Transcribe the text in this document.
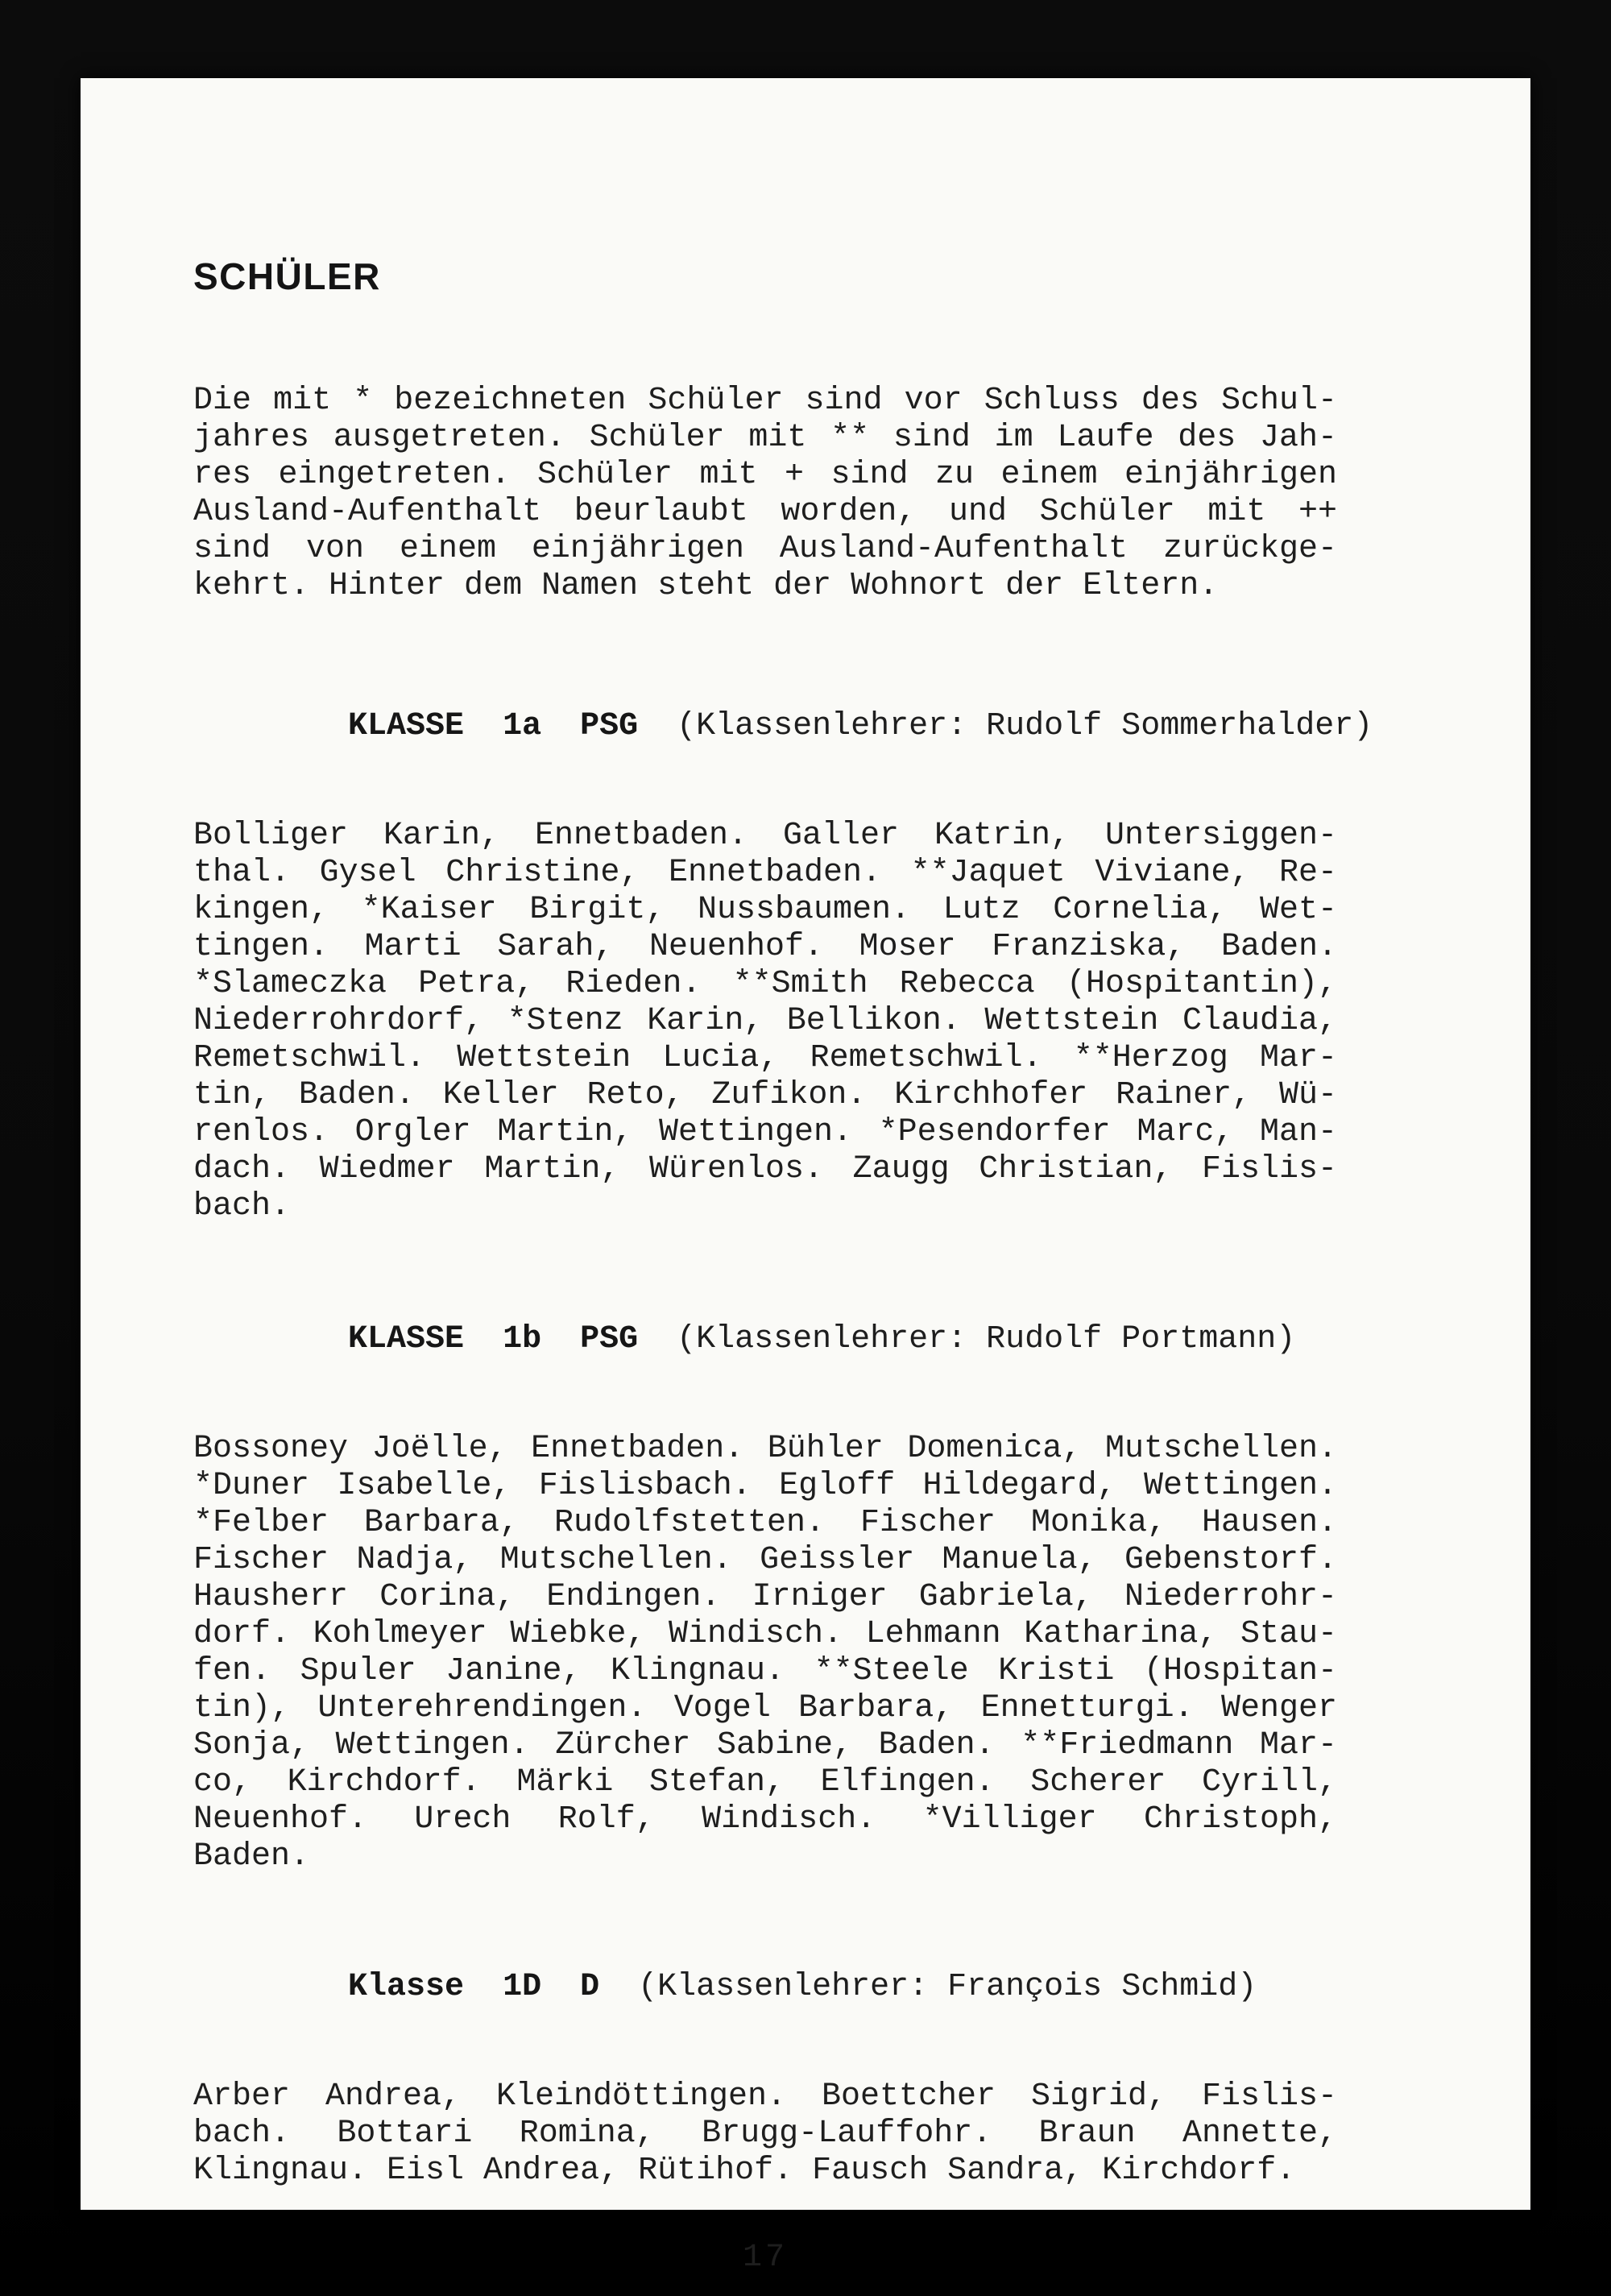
SCHÜLER
Die mit * bezeichneten Schüler sind vor Schluss des Schul-
jahres ausgetreten. Schüler mit ** sind im Laufe des Jah-
res eingetreten. Schüler mit + sind zu einem einjährigen
Ausland-Aufenthalt beurlaubt worden, und Schüler mit ++
sind von einem einjährigen Ausland-Aufenthalt zurückge-
kehrt. Hinter dem Namen steht der Wohnort der Eltern.

KLASSE  1a  PSG (Klassenlehrer: Rudolf Sommerhalder)

Bolliger Karin, Ennetbaden. Galler Katrin, Untersiggen-
thal. Gysel Christine, Ennetbaden. **Jaquet Viviane, Re-
kingen, *Kaiser Birgit, Nussbaumen. Lutz Cornelia, Wet-
tingen. Marti Sarah, Neuenhof. Moser Franziska, Baden.
*Slameczka Petra, Rieden. **Smith Rebecca (Hospitantin),
Niederrohrdorf, *Stenz Karin, Bellikon. Wettstein Claudia,
Remetschwil. Wettstein Lucia, Remetschwil. **Herzog Mar-
tin, Baden. Keller Reto, Zufikon. Kirchhofer Rainer, Wü-
renlos. Orgler Martin, Wettingen. *Pesendorfer Marc, Man-
dach. Wiedmer Martin, Würenlos. Zaugg Christian, Fislis-
bach.

KLASSE  1b  PSG (Klassenlehrer: Rudolf Portmann)

Bossoney Joëlle, Ennetbaden. Bühler Domenica, Mutschellen.
*Duner Isabelle, Fislisbach. Egloff Hildegard, Wettingen.
*Felber Barbara, Rudolfstetten. Fischer Monika, Hausen.
Fischer Nadja, Mutschellen. Geissler Manuela, Gebenstorf.
Hausherr Corina, Endingen. Irniger Gabriela, Niederrohr-
dorf. Kohlmeyer Wiebke, Windisch. Lehmann Katharina, Stau-
fen. Spuler Janine, Klingnau. **Steele Kristi (Hospitan-
tin), Unterehrendingen. Vogel Barbara, Ennetturgi. Wenger
Sonja, Wettingen. Zürcher Sabine, Baden. **Friedmann Mar-
co, Kirchdorf. Märki Stefan, Elfingen. Scherer Cyrill,
Neuenhof. Urech Rolf, Windisch. *Villiger Christoph,
Baden.

Klasse  1D  D (Klassenlehrer: François Schmid)

Arber Andrea, Kleindöttingen. Boettcher Sigrid, Fislis-
bach. Bottari Romina, Brugg-Lauffohr. Braun Annette,
Klingnau. Eisl Andrea, Rütihof. Fausch Sandra, Kirchdorf.
17
